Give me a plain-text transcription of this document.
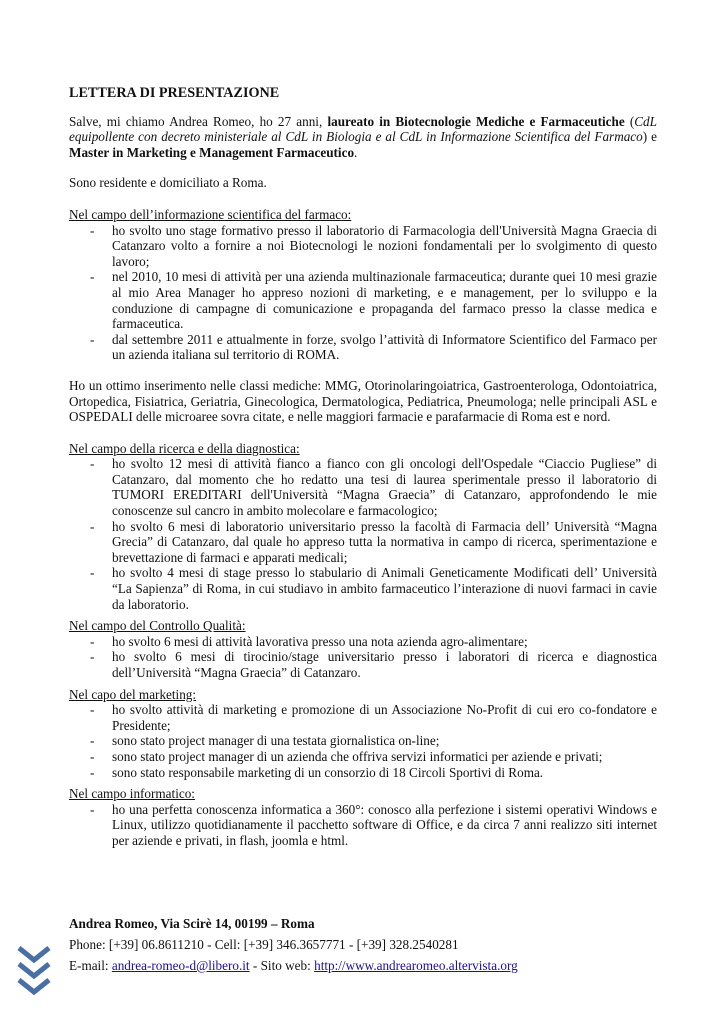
LETTERA DI PRESENTAZIONE

Salve, mi chiamo Andrea Romeo, ho 27 anni, laureato in Biotecnologie Mediche e Farmaceutiche (CdL equipollente con decreto ministeriale al CdL in Biologia e al CdL in Informazione Scientifica del Farmaco) e Master in Marketing e Management Farmaceutico.

Sono residente e domiciliato a Roma.

Nel campo dell’informazione scientifica del farmaco:
- ho svolto uno stage formativo presso il laboratorio di Farmacologia dell'Università Magna Graecia di Catanzaro volto a fornire a noi Biotecnologi le nozioni fondamentali per lo svolgimento di questo lavoro;
- nel 2010, 10 mesi di attività per una azienda multinazionale farmaceutica; durante quei 10 mesi grazie al mio Area Manager ho appreso nozioni di marketing, e e management, per lo sviluppo e la conduzione di campagne di comunicazione e propaganda del farmaco presso la classe medica e farmaceutica.
- dal settembre 2011 e attualmente in forze, svolgo l’attività di Informatore Scientifico del Farmaco per un azienda italiana sul territorio di ROMA.

Ho un ottimo inserimento nelle classi mediche: MMG, Otorinolaringoiatrica, Gastroenterologa, Odontoiatrica, Ortopedica, Fisiatrica, Geriatria, Ginecologica, Dermatologica, Pediatrica, Pneumologa; nelle principali ASL e OSPEDALI delle microaree sovra citate, e nelle maggiori farmacie e parafarmacie di Roma est e nord.

Nel campo della ricerca e della diagnostica:
- ho svolto 12 mesi di attività fianco a fianco con gli oncologi dell'Ospedale “Ciaccio Pugliese” di Catanzaro, dal momento che ho redatto una tesi di laurea sperimentale presso il laboratorio di TUMORI EREDITARI dell'Università “Magna Graecia” di Catanzaro, approfondendo le mie conoscenze sul cancro in ambito molecolare e farmacologico;
- ho svolto 6 mesi di laboratorio universitario presso la facoltà di Farmacia dell’ Università “Magna Grecia” di Catanzaro, dal quale ho appreso tutta la normativa in campo di ricerca, sperimentazione e brevettazione di farmaci e apparati medicali;
- ho svolto 4 mesi di stage presso lo stabulario di Animali Geneticamente Modificati dell’ Università “La Sapienza” di Roma, in cui studiavo in ambito farmaceutico l’interazione di nuovi farmaci in cavie da laboratorio.
Nel campo del Controllo Qualità:
- ho svolto 6 mesi di attività lavorativa presso una nota azienda agro-alimentare;
- ho svolto 6 mesi di tirocinio/stage universitario presso i laboratori di ricerca e diagnostica dell’Università “Magna Graecia” di Catanzaro.
Nel capo del marketing:
- ho svolto attività di marketing e promozione di un Associazione No-Profit di cui ero co-fondatore e Presidente;
- sono stato project manager di una testata giornalistica on-line;
- sono stato project manager di un azienda che offriva servizi informatici per aziende e privati;
- sono stato responsabile marketing di un consorzio di 18 Circoli Sportivi di Roma.
Nel campo informatico:
- ho una perfetta conoscenza informatica a 360°: conosco alla perfezione i sistemi operativi Windows e Linux, utilizzo quotidianamente il pacchetto software di Office, e da circa 7 anni realizzo siti internet per aziende e privati, in flash, joomla e html.
Andrea Romeo, Via Scirè 14, 00199 – Roma
Phone: [+39] 06.8611210 - Cell: [+39] 346.3657771 - [+39] 328.2540281
E-mail: andrea-romeo-d@libero.it - Sito web: http://www.andrearomeo.altervista.org
